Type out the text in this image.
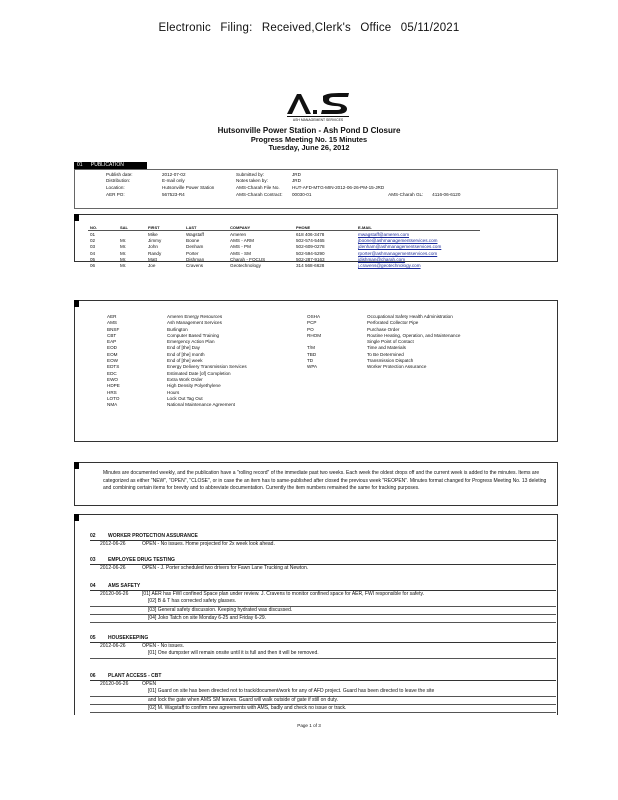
Electronic Filing: Received,Clerk's Office 05/11/2021
ASH MANAGEMENT SERVICES
Hutsonville Power Station - Ash Pond D Closure
Progress Meeting No. 15 Minutes
Tuesday, June 26, 2012
01 PUBLICATION
Publish date:	2012-07-02	Submitted by:	JRD		
Distribution:	E-mail only	Notes taken by:	JRD		
Location:	Hutsonville Power Station	AMS-Charah File No.	HUT-AFD-MTG-MIN-2012-06-26-PM-15-JRD		
AER PO:	567523-R4	AMS-Charah Contract:	00030-01	AMS-Charah GL:	4116-06-6120
NO.	SAL	FIRST	LAST	COMPANY	PHONE	E-MAIL
01		Mike	Wagstaff	Ameren	618 406-3478	mwagstaff@ameren.com
02	Mr.	Jimmy	Boone	AMS - ARM	502-574-5465	jboone@ashmanagementservices.com
03	Mr.	John	Denham	AMS - PM	502-609-0278	jdenham@ashmanagementservices.com
04	Mr.	Randy	Porter	AMS - SM	502-594-5290	rporter@ashmanagementservices.com
05	Mr.	Matt	Dishman	Charah - FOCUS	502-287-9163	jdishman@charah.com
06	Mr.	Joe	Cravens	Geotechnology	314 568-6628	j.cravens@geotechnology.com
AER	Ameren Energy Resources
AMS	Ash Management Services
BNSF	Burlington
CBT	Computer Based Training
EAP	Emergency Action Plan
EOD	End of [the] Day
EOM	End of [the] month
EOW	End of [the] week
EDTS	Energy Delivery Transmission Services
EDC	Estimated Date [of] Completion
EWO	Extra Work Order
HDPE	High Density Polyethylene
HRS	Hours
LOTO	Lock Out Tag Out
NMA	National Maintenance Agreement
OSHA	Occupational Safety Health Administration
PCP	Perforated Collector Pipe
PO	Purchase Order
RHOM	Routine Heating, Operation, and Maintenance
Single Point of Contact
T/M	Time and Materials
TBD	To Be Determined
TD	Transmission Dispatch
WPA	Worker Protection Assurance
Minutes are documented weekly, and the publication have a "rolling record" of the immediate past two weeks. Each week the oldest drops off and the current week is added to the minutes. Items are categorized as either "NEW", "OPEN", "CLOSE", or in case the an item has to same-published after closed the previous week "REOPEN". Minutes format changed for Progress Meeting No. 13 deleting and combining certain items for brevity and to abbreviate documentation. Currently the item numbers remained the same for tracking purposes.
02 WORKER PROTECTION ASSURANCE
2012-06-26	OPEN - No issues. Home projected for 2x week look ahead.
03 EMPLOYEE DRUG TESTING
2012-06-26	OPEN - J. Porter scheduled two drivers for Fawn Lane Trucking at Newton.
04 AMS SAFETY
20120-06-26	[01] AER has FWI confined Space plan under review. J. Cravens to monitor confined space for AER, FWI responsible for safety.
[02] B & T has corrected safety glasses.
[03] General safety discussion. Keeping hydrated was discussed.
[04] Joko Tatch on site Monday 6-25 and Friday 6-29.
05 HOUSEKEEPING
2012-06-26	OPEN - No issues.
[01] One dumpster will remain onsite until it is full and then it will be removed.
06 PLANT ACCESS - CBT
20120-06-26	OPEN
[01] Guard on site has been directed not to track/document/work for any of AFD project. Guard has been directed to leave the site
and lock the gate when AMS SM leaves. Guard will walk outside of gate if still on duty.
[02] M. Wagstaff to confirm new agreements with AMS, badly and check no issue or track.
Page 1 of 3
